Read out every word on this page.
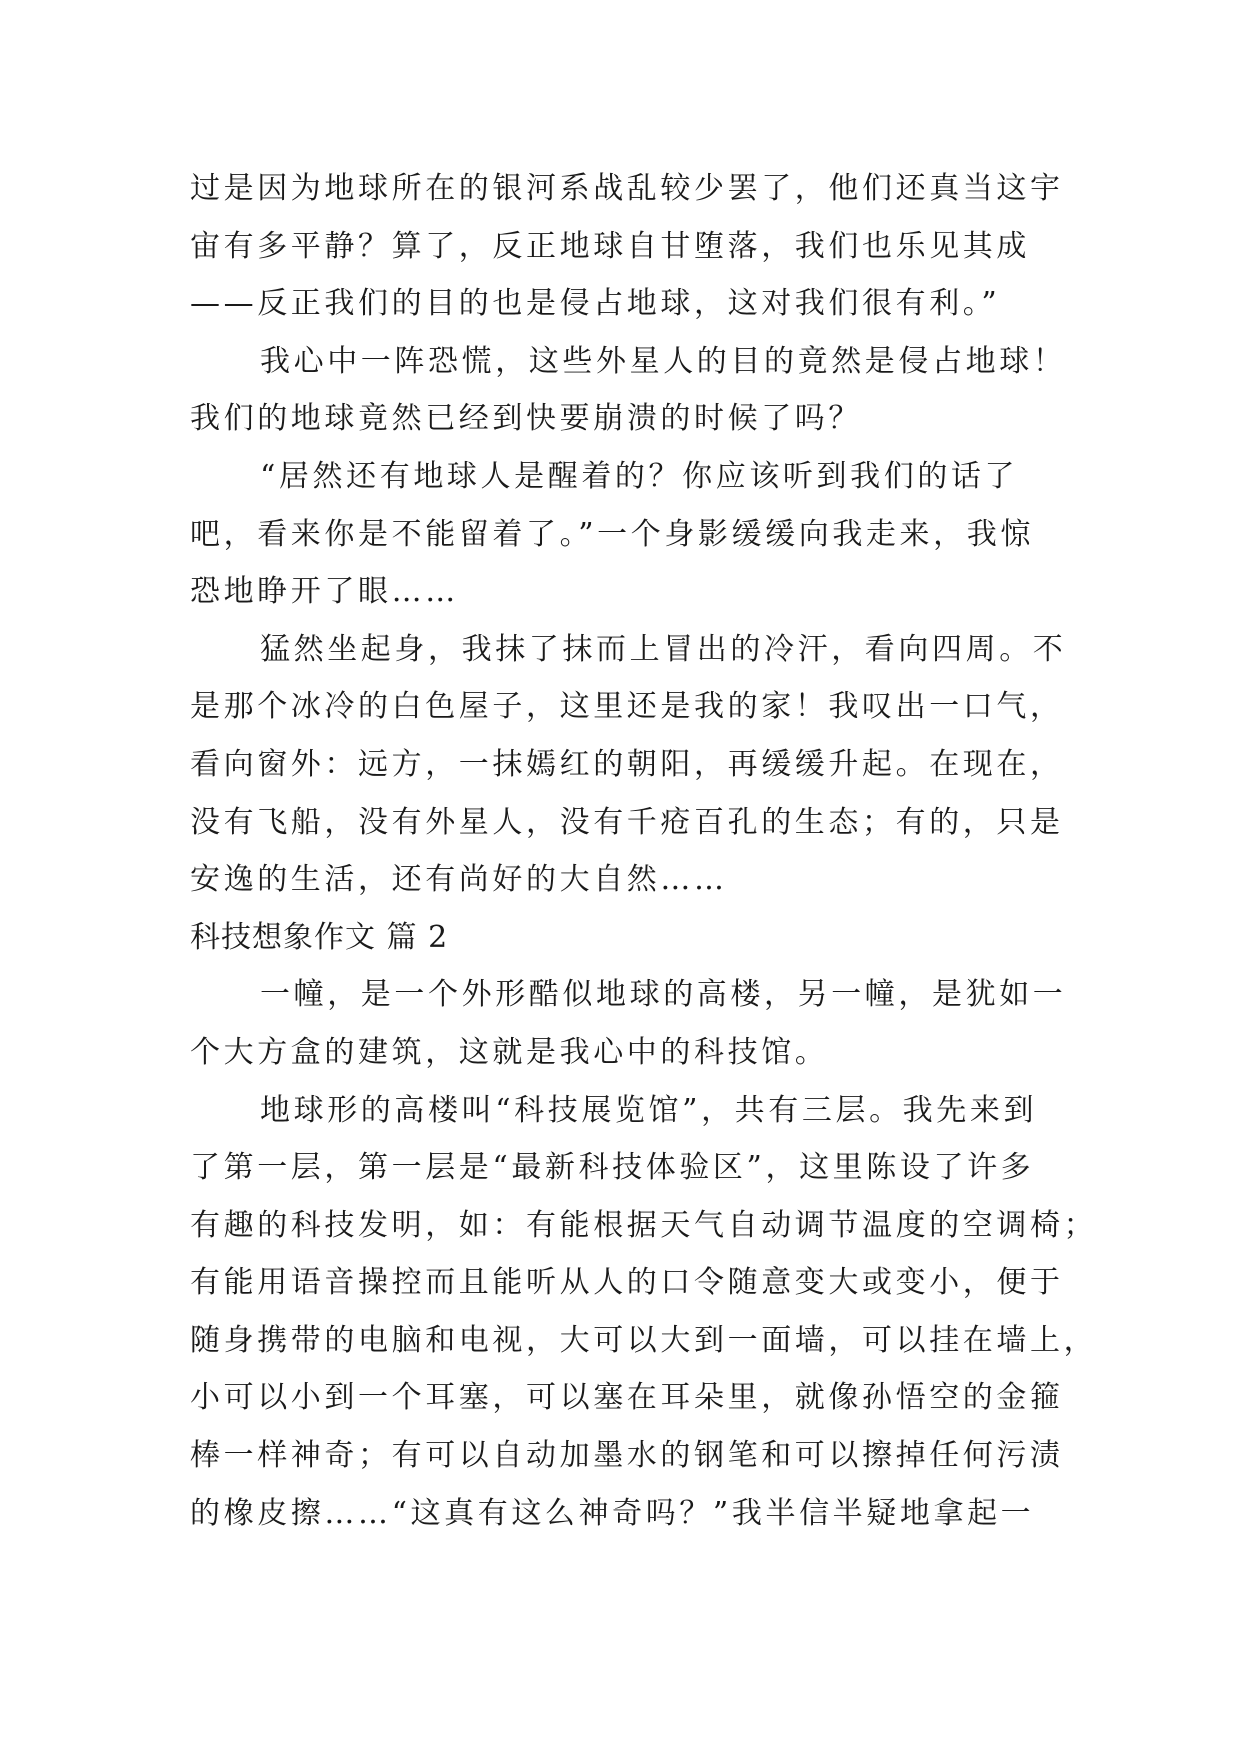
过是因为地球所在的银河系战乱较少罢了，他们还真当这宇
宙有多平静？算了，反正地球自甘堕落，我们也乐见其成
——反正我们的目的也是侵占地球，这对我们很有利。”
我心中一阵恐慌，这些外星人的目的竟然是侵占地球！
我们的地球竟然已经到快要崩溃的时候了吗？
“居然还有地球人是醒着的？你应该听到我们的话了
吧，看来你是不能留着了。”一个身影缓缓向我走来，我惊
恐地睁开了眼……
猛然坐起身，我抹了抹而上冒出的冷汗，看向四周。不
是那个冰冷的白色屋子，这里还是我的家！我叹出一口气，
看向窗外：远方，一抹嫣红的朝阳，再缓缓升起。在现在，
没有飞船，没有外星人，没有千疮百孔的生态；有的，只是
安逸的生活，还有尚好的大自然……
科技想象作文 篇 2
一幢，是一个外形酷似地球的高楼，另一幢，是犹如一
个大方盒的建筑，这就是我心中的科技馆。
地球形的高楼叫“科技展览馆”，共有三层。我先来到
了第一层，第一层是“最新科技体验区”，这里陈设了许多
有趣的科技发明，如：有能根据天气自动调节温度的空调椅；
有能用语音操控而且能听从人的口令随意变大或变小，便于
随身携带的电脑和电视，大可以大到一面墙，可以挂在墙上，
小可以小到一个耳塞，可以塞在耳朵里，就像孙悟空的金箍
棒一样神奇；有可以自动加墨水的钢笔和可以擦掉任何污渍
的橡皮擦……“这真有这么神奇吗？”我半信半疑地拿起一
